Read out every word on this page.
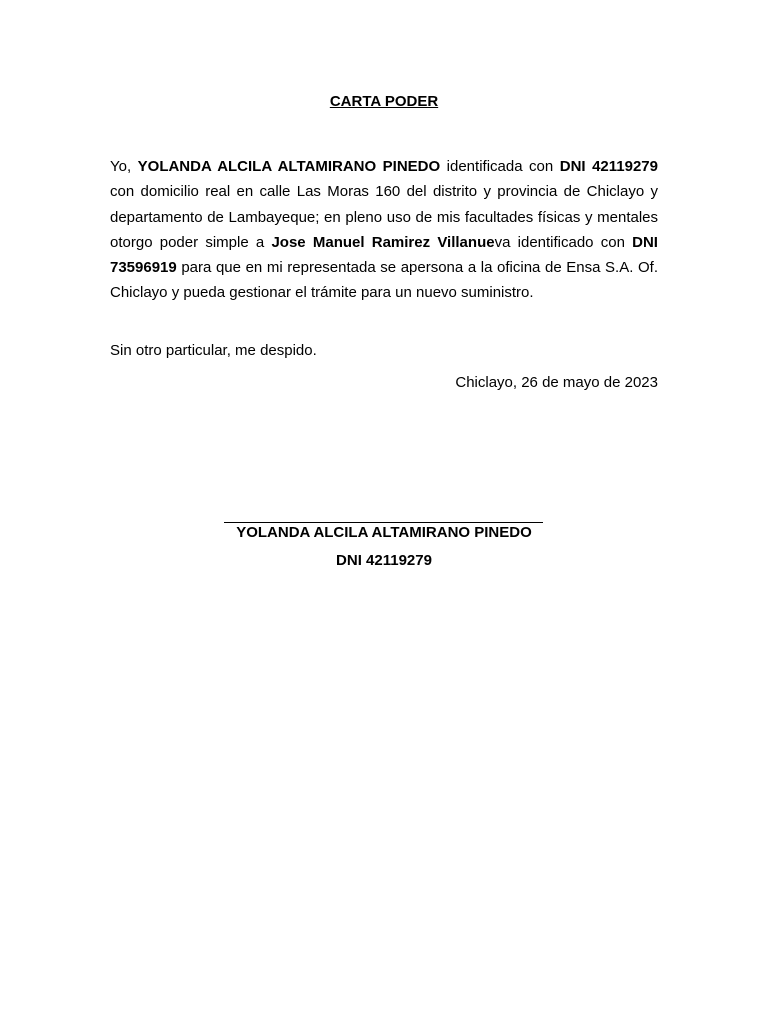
CARTA PODER

Yo, YOLANDA ALCILA ALTAMIRANO PINEDO identificada con DNI 42119279 con domicilio real en calle Las Moras 160 del distrito y provincia de Chiclayo y departamento de Lambayeque; en pleno uso de mis facultades físicas y mentales otorgo poder simple a Jose Manuel Ramirez Villanueva identificado con DNI 73596919 para que en mi representada se apersona a la oficina de Ensa S.A. Of. Chiclayo y pueda gestionar el trámite para un nuevo suministro.

Sin otro particular, me despido.
Chiclayo, 26 de mayo de 2023
YOLANDA ALCILA ALTAMIRANO PINEDO
DNI 42119279
